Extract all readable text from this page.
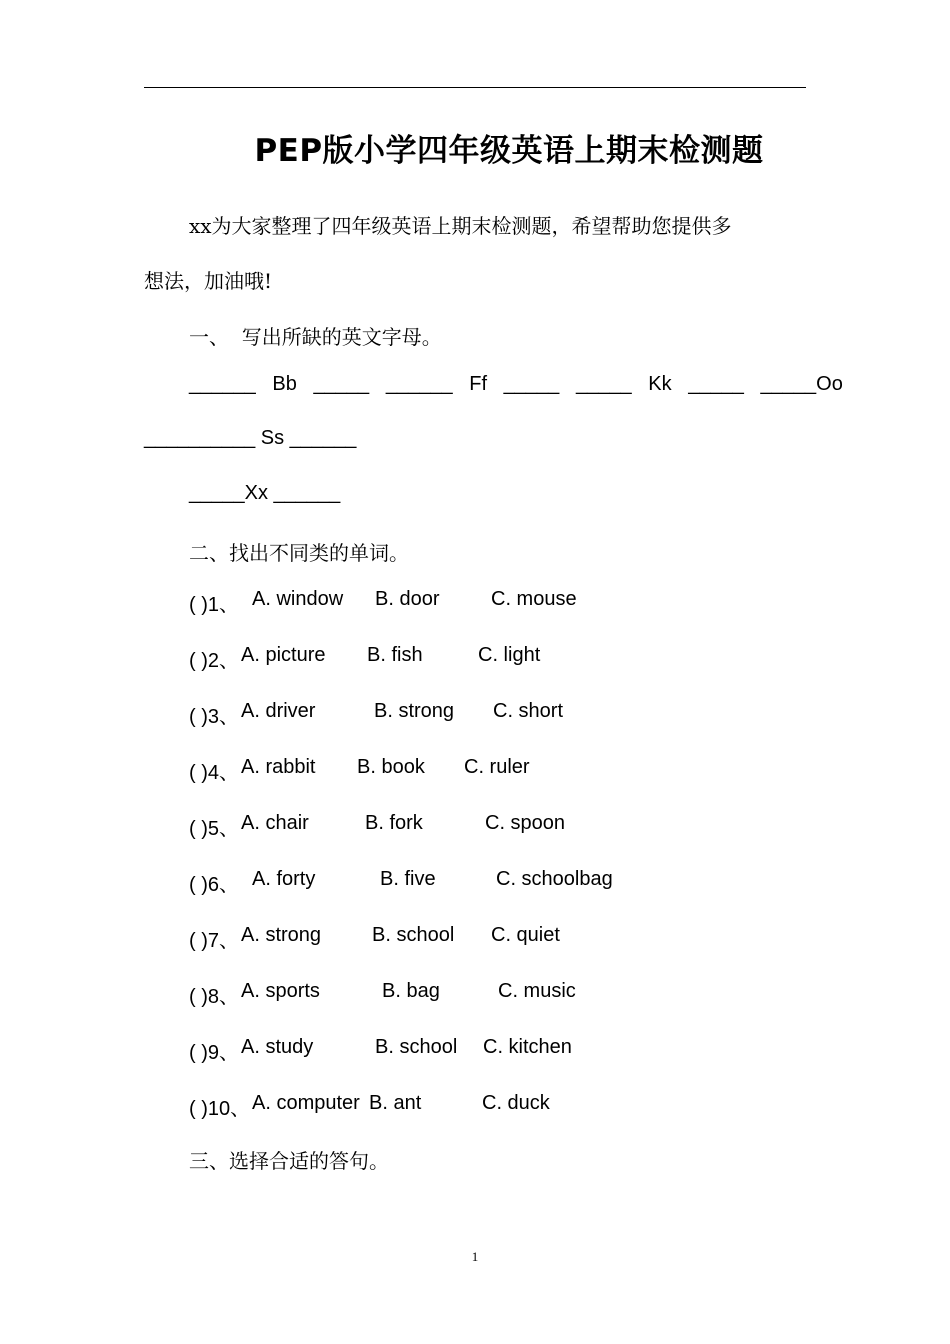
PEP版小学四年级英语上期末检测题
xx为大家整理了四年级英语上期末检测题，希望帮助您提供多
想法，加油哦!
一、  写出所缺的英文字母。
______   Bb   _____   ______   Ff   _____   _____   Kk   _____   _____Oo
__________ Ss ______
_____Xx ______
二、找出不同类的单词。
( )1、 A. window B. door	C. mouse
( )2、 A. picture B. fish	C. light
( )3、 A. driver	B. strong C. short
( )4、 A. rabbit B. book C. ruler
( )5、 A. chair	B. fork	C. spoon
( )6、 A. forty	B. five	C. schoolbag
( )7、 A. strong	B. school C. quiet
( )8、 A. sports	B. bag	C. music
( )9、 A. study	B. school C. kitchen
( )10、 A. computer B. ant	C. duck
三、选择合适的答句。
1
